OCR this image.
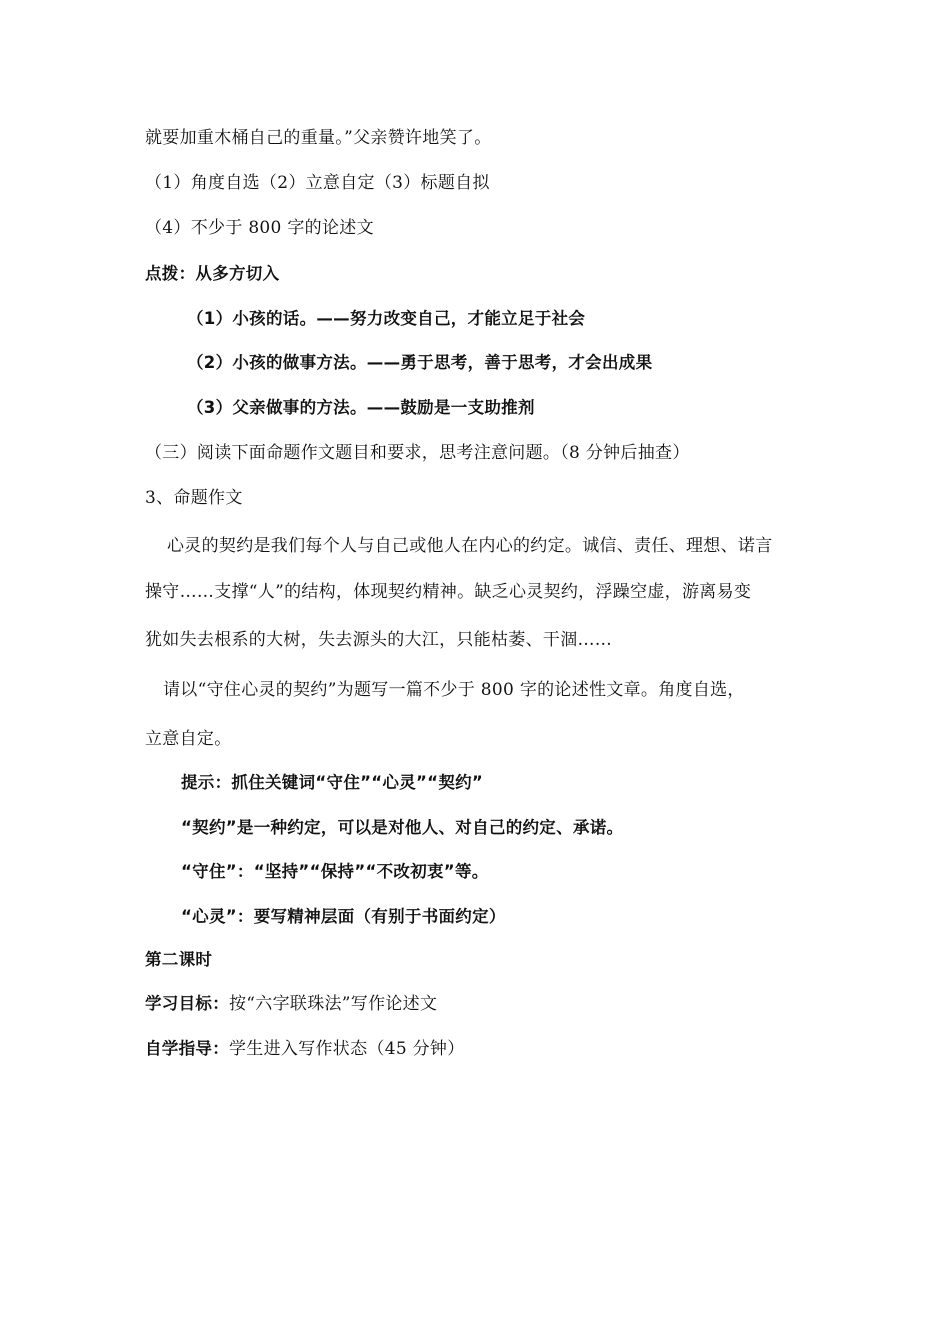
就要加重木桶自己的重量。”父亲赞许地笑了。
（1）角度自选（2）立意自定（3）标题自拟
（4）不少于 800 字的论述文
点拨：从多方切入
（1）小孩的话。——努力改变自己，才能立足于社会
（2）小孩的做事方法。——勇于思考，善于思考，才会出成果
（3）父亲做事的方法。——鼓励是一支助推剂
（三）阅读下面命题作文题目和要求，思考注意问题。（8 分钟后抽查）
3、命题作文
心灵的契约是我们每个人与自己或他人在内心的约定。诚信、责任、理想、诺言
操守……支撑“人”的结构，体现契约精神。缺乏心灵契约，浮躁空虚，游离易变
犹如失去根系的大树，失去源头的大江，只能枯萎、干涸……
请以“守住心灵的契约”为题写一篇不少于 800 字的论述性文章。角度自选，
立意自定。
提示：抓住关键词“守住”“心灵”“契约”
“契约”是一种约定，可以是对他人、对自己的约定、承诺。
“守住”：“坚持”“保持”“不改初衷”等。
“心灵”：要写精神层面（有别于书面约定）
第二课时
学习目标：按“六字联珠法”写作论述文
自学指导：学生进入写作状态（45 分钟）
